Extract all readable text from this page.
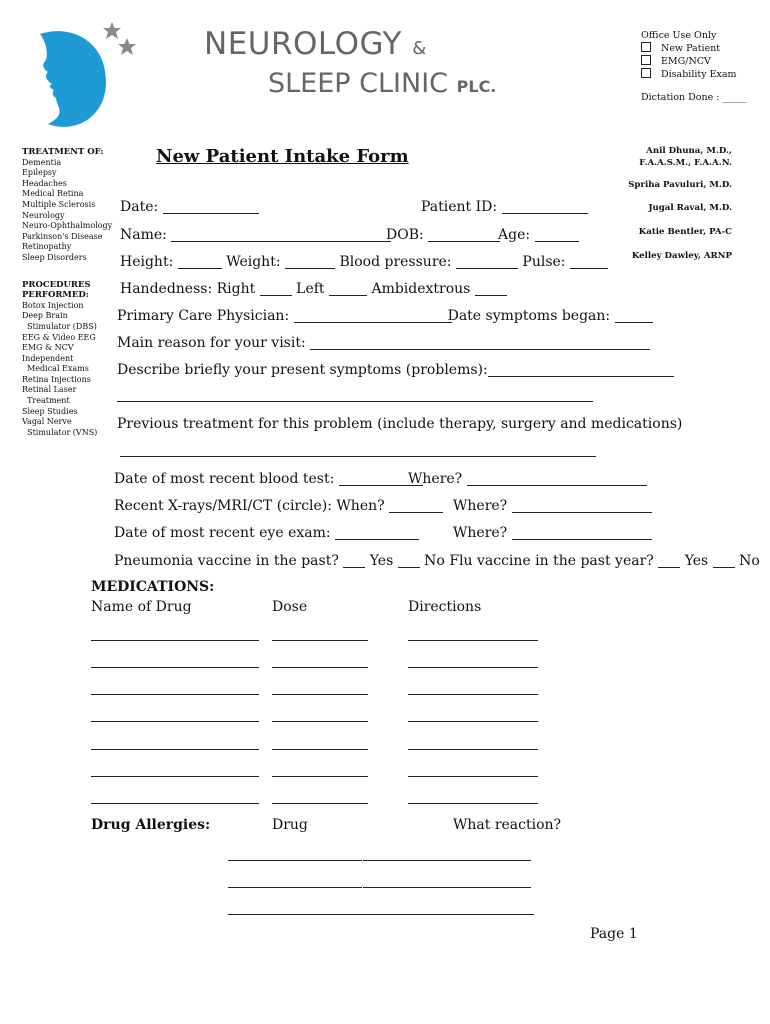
NEUROLOGY &
SLEEP CLINIC PLC.
Office Use Only
New Patient
EMG/NCV
Disability Exam
Dictation Done : _____
TREATMENT OF:
Dementia
Epilepsy
Headaches
Medical Retina
Multiple Sclerosis
Neurology
Neuro-Ophthalmology
Parkinson's Disease
Retinopathy
Sleep Disorders
PROCEDURES PERFORMED:
Botox Injection
Deep Brain
Stimulator (DBS)
EEG & Video EEG
EMG & NCV
Independent
Medical Exams
Retina Injections
Retinal Laser
Treatment
Sleep Studies
Vagal Nerve
Stimulator (VNS)
Anil Dhuna, M.D.,
F.A.A.S.M., F.A.A.N.
Spriha Pavuluri, M.D.
Jugal Raval, M.D.
Katie Bentler, PA-C
Kelley Dawley, ARNP
New Patient Intake Form
Date:	Patient ID:
Name:	DOB:	Age:
Height:	Weight:	Blood pressure:	Pulse:
Handedness: Right	Left	Ambidextrous
Primary Care Physician:	Date symptoms began:
Main reason for your visit:
Describe briefly your present symptoms (problems):
Previous treatment for this problem (include therapy, surgery and medications)
Date of most recent blood test:	Where?
Recent X-rays/MRI/CT (circle): When?	Where?
Date of most recent eye exam:	Where?
Pneumonia vaccine in the past? Yes No Flu vaccine in the past year? Yes No
MEDICATIONS:
Name of Drug	Dose	Directions
Drug Allergies:	Drug	What reaction?
Page 1
